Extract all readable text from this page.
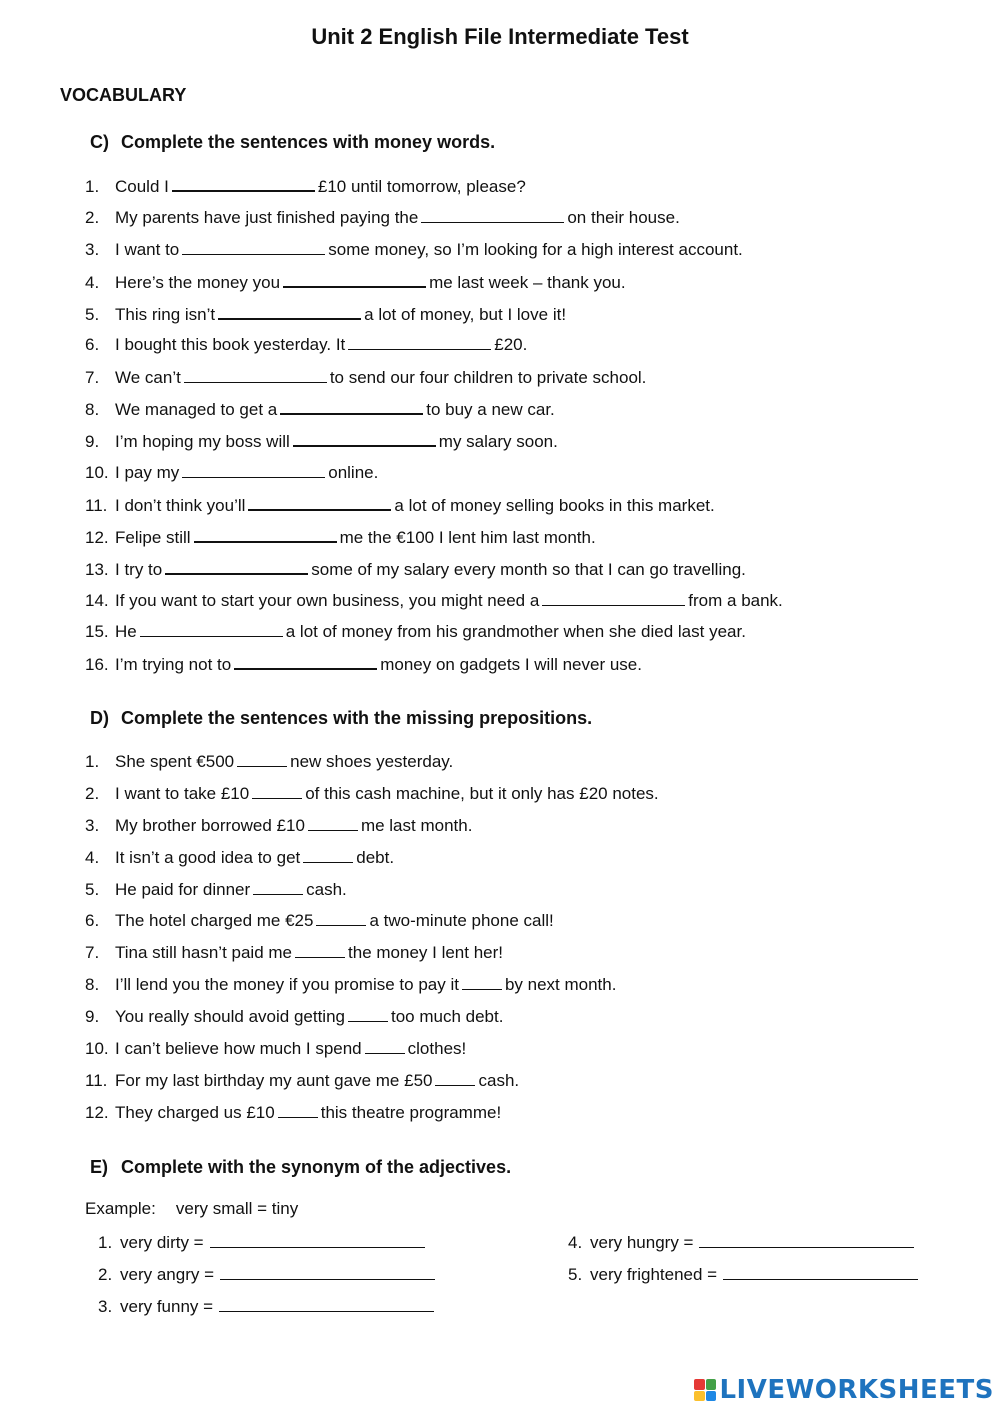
Unit 2 English File Intermediate Test
VOCABULARY
C) Complete the sentences with money words.
1. Could I	£10 until tomorrow, please?
2. My parents have just finished paying the	on their house.
3. I want to	some money, so I’m looking for a high interest account.
4. Here’s the money you	me last week – thank you.
5. This ring isn’t	a lot of money, but I love it!
6. I bought this book yesterday. It	£20.
7. We can’t	to send our four children to private school.
8. We managed to get a	to buy a new car.
9. I’m hoping my boss will	my salary soon.
10. I pay my	online.
11. I don’t think you’ll	a lot of money selling books in this market.
12. Felipe still	me the €100 I lent him last month.
13. I try to	some of my salary every month so that I can go travelling.
14. If you want to start your own business, you might need a	from a bank.
15. He	a lot of money from his grandmother when she died last year.
16. I’m trying not to	money on gadgets I will never use.
D) Complete the sentences with the missing prepositions.
1. She spent €500	new shoes yesterday.
2. I want to take £10	of this cash machine, but it only has £20 notes.
3. My brother borrowed £10	me last month.
4. It isn’t a good idea to get	debt.
5. He paid for dinner	cash.
6. The hotel charged me €25	a two-minute phone call!
7. Tina still hasn’t paid me	the money I lent her!
8. I’ll lend you the money if you promise to pay it	by next month.
9. You really should avoid getting	too much debt.
10. I can’t believe how much I spend	clothes!
11. For my last birthday my aunt gave me £50	cash.
12. They charged us £10	this theatre programme!
E) Complete with the synonym of the adjectives.
Example: very small = tiny
1. very dirty =
2. very angry =
3. very funny =
4. very hungry =
5. very frightened =
LIVEWORKSHEETS
